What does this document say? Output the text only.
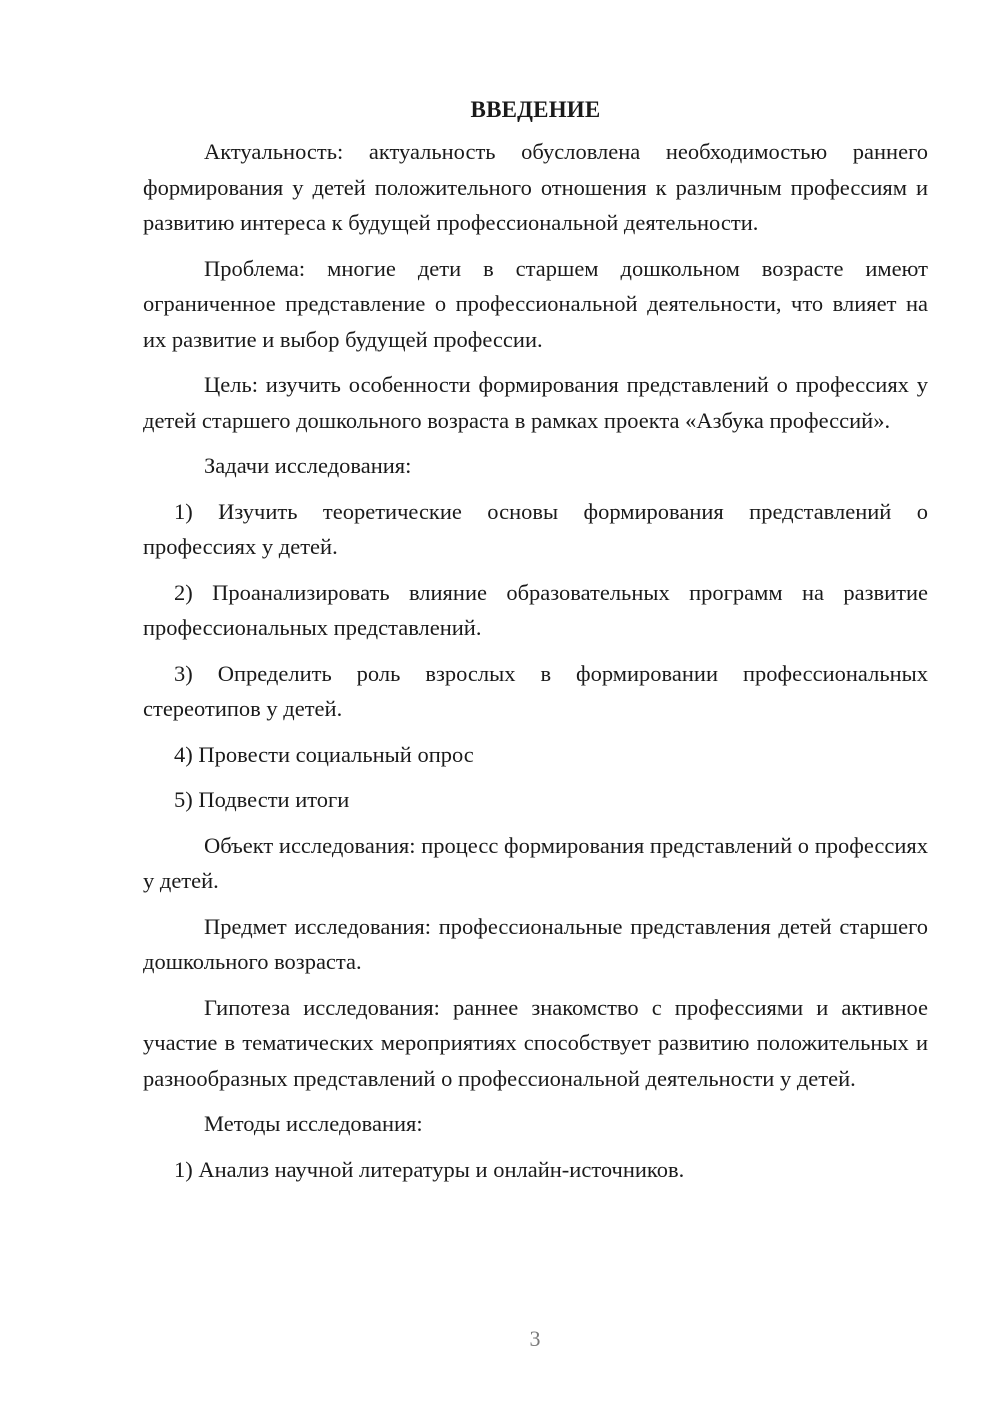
ВВЕДЕНИЕ

Актуальность: актуальность обусловлена необходимостью раннего формирования у детей положительного отношения к различным профессиям и развитию интереса к будущей профессиональной деятельности.

Проблема: многие дети в старшем дошкольном возрасте имеют ограниченное представление о профессиональной деятельности, что влияет на их развитие и выбор будущей профессии.

Цель: изучить особенности формирования представлений о профессиях у детей старшего дошкольного возраста в рамках проекта «Азбука профессий».

Задачи исследования:

1) Изучить теоретические основы формирования представлений о профессиях у детей.

2) Проанализировать влияние образовательных программ на развитие профессиональных представлений.

3) Определить роль взрослых в формировании профессиональных стереотипов у детей.

4) Провести социальный опрос

5) Подвести итоги

Объект исследования: процесс формирования представлений о профессиях у детей.

Предмет исследования: профессиональные представления детей старшего дошкольного возраста.

Гипотеза исследования: раннее знакомство с профессиями и активное участие в тематических мероприятиях способствует развитию положительных и разнообразных представлений о профессиональной деятельности у детей.

Методы исследования:

1) Анализ научной литературы и онлайн-источников.

3
